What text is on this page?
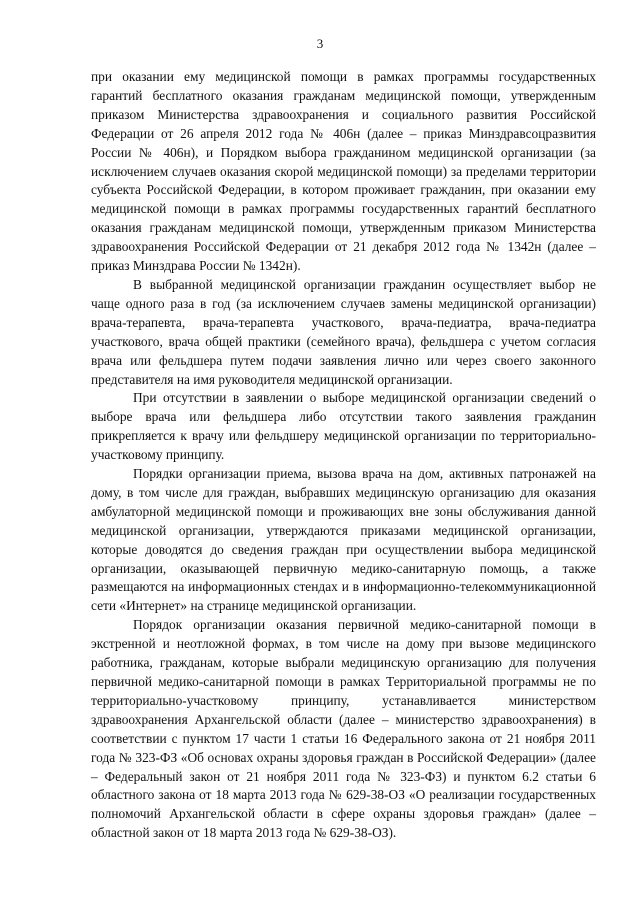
3

при оказании ему медицинской помощи в рамках программы государственных гарантий бесплатного оказания гражданам медицинской помощи, утвержденным приказом Министерства здравоохранения и социального развития Российской Федерации от 26 апреля 2012 года № 406н (далее – приказ Минздравсоцразвития России № 406н), и Порядком выбора гражданином медицинской организации (за исключением случаев оказания скорой медицинской помощи) за пределами территории субъекта Российской Федерации, в котором проживает гражданин, при оказании ему медицинской помощи в рамках программы государственных гарантий бесплатного оказания гражданам медицинской помощи, утвержденным приказом Министерства здравоохранения Российской Федерации от 21 декабря 2012 года № 1342н (далее – приказ Минздрава России № 1342н).

В выбранной медицинской организации гражданин осуществляет выбор не чаще одного раза в год (за исключением случаев замены медицинской организации) врача-терапевта, врача-терапевта участкового, врача-педиатра, врача-педиатра участкового, врача общей практики (семейного врача), фельдшера с учетом согласия врача или фельдшера путем подачи заявления лично или через своего законного представителя на имя руководителя медицинской организации.

При отсутствии в заявлении о выборе медицинской организации сведений о выборе врача или фельдшера либо отсутствии такого заявления гражданин прикрепляется к врачу или фельдшеру медицинской организации по территориально-участковому принципу.

Порядки организации приема, вызова врача на дом, активных патронажей на дому, в том числе для граждан, выбравших медицинскую организацию для оказания амбулаторной медицинской помощи и проживающих вне зоны обслуживания данной медицинской организации, утверждаются приказами медицинской организации, которые доводятся до сведения граждан при осуществлении выбора медицинской организации, оказывающей первичную медико-санитарную помощь, а также размещаются на информационных стендах и в информационно-телекоммуникационной сети «Интернет» на странице медицинской организации.

Порядок организации оказания первичной медико-санитарной помощи в экстренной и неотложной формах, в том числе на дому при вызове медицинского работника, гражданам, которые выбрали медицинскую организацию для получения первичной медико-санитарной помощи в рамках Территориальной программы не по территориально-участковому принципу, устанавливается министерством здравоохранения Архангельской области (далее – министерство здравоохранения) в соответствии с пунктом 17 части 1 статьи 16 Федерального закона от 21 ноября 2011 года № 323-ФЗ «Об основах охраны здоровья граждан в Российской Федерации» (далее – Федеральный закон от 21 ноября 2011 года № 323-ФЗ) и пунктом 6.2 статьи 6 областного закона от 18 марта 2013 года № 629-38-ОЗ «О реализации государственных полномочий Архангельской области в сфере охраны здоровья граждан» (далее – областной закон от 18 марта 2013 года № 629-38-ОЗ).
